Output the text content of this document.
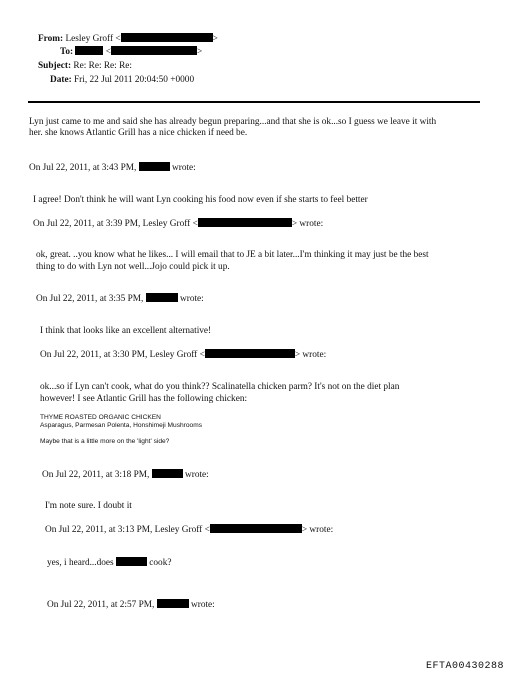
From: Lesley Groff <	>
To:	<	>
Subject: Re: Re: Re: Re:
Date: Fri, 22 Jul 2011 20:04:50 +0000
Lyn just came to me and said she has already begun preparing...and that she is ok...so I guess we leave it with
her. she knows Atlantic Grill has a nice chicken if need be.
On Jul 22, 2011, at 3:43 PM,	wrote:
I agree! Don't think he will want Lyn cooking his food now even if she starts to feel better
On Jul 22, 2011, at 3:39 PM, Lesley Groff <	> wrote:
ok, great. ..you know what he likes... I will email that to JE a bit later...I'm thinking it may just be the best
thing to do with Lyn not well...Jojo could pick it up.
On Jul 22, 2011, at 3:35 PM,	wrote:
I think that looks like an excellent alternative!
On Jul 22, 2011, at 3:30 PM, Lesley Groff <	> wrote:
ok...so if Lyn can't cook, what do you think?? Scalinatella chicken parm? It's not on the diet plan
however! I see Atlantic Grill has the following chicken:
THYME ROASTED ORGANIC CHICKEN
Asparagus, Parmesan Polenta, Honshimeji Mushrooms
Maybe that is a little more on the 'light' side?
On Jul 22, 2011, at 3:18 PM,	wrote:
I'm note sure. I doubt it
On Jul 22, 2011, at 3:13 PM, Lesley Groff <	> wrote:
yes, i heard...does	cook?
On Jul 22, 2011, at 2:57 PM,	wrote:
EFTA00430288
